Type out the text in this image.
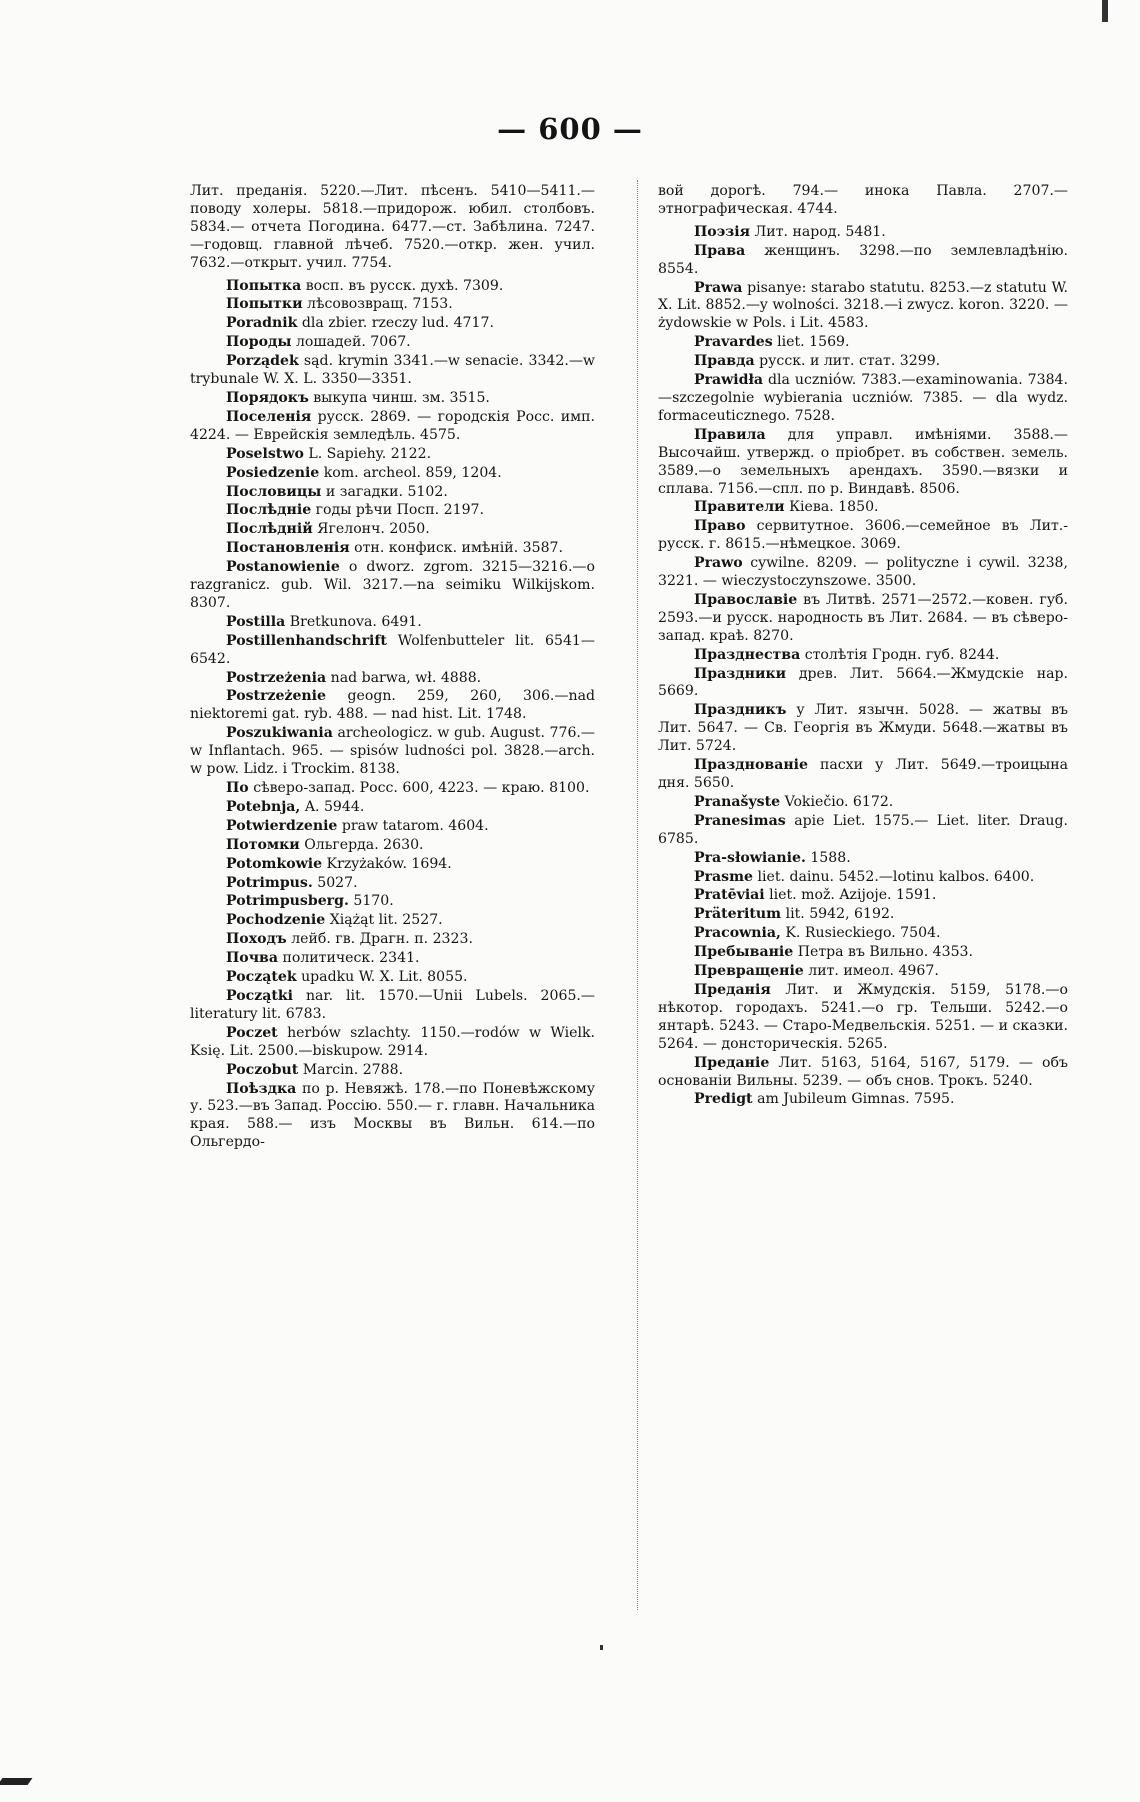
— 600 —

Лит. преданія. 5220.—Лит. пѣсенъ. 5410—5411.—поводу холеры. 5818.—придорож. юбил. столбовъ. 5834.— отчета Погодина. 6477.—ст. Забѣлина. 7247.—годовщ. главной лѣчеб. 7520.—откр. жен. учил. 7632.—открыт. учил. 7754.

Попытка восп. въ русск. духѣ. 7309.

Попытки лѣсовозвращ. 7153.

Poradnik dla zbier. rzeczy lud. 4717.

Породы лошадей. 7067.

Porządek sąd. krymin 3341.—w senacie. 3342.—w trybunale W. X. L. 3350—3351.

Порядокъ выкупа чинш. зм. 3515.

Поселенія русск. 2869. — городскія Росс. имп. 4224. — Еврейскія земледѣль. 4575.

Poselstwo L. Sapiehy. 2122.

Posiedzenie kom. archeol. 859, 1204.

Пословицы и загадки. 5102.

Послѣдніе годы рѣчи Посп. 2197.

Послѣдній Ягелонч. 2050.

Постановленія отн. конфиск. имѣній. 3587.

Postanowienie o dworz. zgrom. 3215—3216.—o razgranicz. gub. Wil. 3217.—na seimiku Wilkijskom. 8307.

Postilla Bretkunova. 6491.

Postillenhandschrift Wolfenbutteler lit. 6541—6542.

Postrzeżenia nad barwa, wł. 4888.

Postrzeżenie geogn. 259, 260, 306.—nad niektoremi gat. ryb. 488. — nad hist. Lit. 1748.

Poszukiwania archeologicz. w gub. August. 776.—w Inflantach. 965. — spisów ludności pol. 3828.—arch. w pow. Lidz. i Trockim. 8138.

По сѣверо-запад. Росс. 600, 4223. — краю. 8100.

Potebnja, A. 5944.

Potwierdzenie praw tatarom. 4604.

Потомки Ольгерда. 2630.

Potomkowie Krzyżaków. 1694.

Potrimpus. 5027.

Potrimpusberg. 5170.

Pochodzenie Xiążąt lit. 2527.

Походъ лейб. гв. Драгн. п. 2323.

Почва политическ. 2341.

Początek upadku W. X. Lit. 8055.

Początki nar. lit. 1570.—Unii Lubels. 2065.—literatury lit. 6783.

Poczet herbów szlachty. 1150.—rodów w Wielk. Księ. Lit. 2500.—biskupow. 2914.

Poczobut Marcin. 2788.

Поѣздка по р. Невяжѣ. 178.—по Поневѣжскому у. 523.—въ Запад. Россію. 550.— г. главн. Начальника края. 588.— изъ Москвы въ Вильн. 614.—по Ольгердо-

вой дорогѣ. 794.— инока Павла. 2707.— этнографическая. 4744.

Поэзія Лит. народ. 5481.

Права женщинъ. 3298.—по землевладѣнію. 8554.

Prawa pisanye: starabo statutu. 8253.—z statutu W. X. Lit. 8852.—y wolności. 3218.—i zwycz. koron. 3220. — żydowskie w Pols. i Lit. 4583.

Pravardes liet. 1569.

Правда русск. и лит. стат. 3299.

Prawidła dla uczniów. 7383.—examinowania. 7384.—szczegolnie wybierania uczniów. 7385. — dla wydz. formaceutiсznego. 7528.

Правила для управл. имѣніями. 3588.—Высочайш. утвержд. о пріобрет. въ собствен. земель. 3589.—о земельныхъ арендахъ. 3590.—вязки и сплава. 7156.—спл. по р. Виндавѣ. 8506.

Правители Кіева. 1850.

Право сервитутное. 3606.—семейное въ Лит.-русск. г. 8615.—нѣмецкое. 3069.

Prawo cywilne. 8209. — polityczne i cywil. 3238, 3221. — wieczystoczynszowe. 3500.

Православіе въ Литвѣ. 2571—2572.—ковен. губ. 2593.—и русск. народность въ Лит. 2684. — въ сѣверо-запад. краѣ. 8270.

Празднества столѣтія Гродн. губ. 8244.

Праздники древ. Лит. 5664.—Жмудскіе нар. 5669.

Праздникъ у Лит. язычн. 5028. — жатвы въ Лит. 5647. — Св. Георгія въ Жмуди. 5648.—жатвы въ Лит. 5724.

Празднованіе пасхи у Лит. 5649.—троицына дня. 5650.

Pranašyste Vokiečio. 6172.

Pranesimas apie Liet. 1575.— Liet. liter. Draug. 6785.

Pra-słowianie. 1588.

Prasme liet. dainu. 5452.—lotinu kalbos. 6400.

Pratēviai liet. mož. Azijoje. 1591.

Präteritum lit. 5942, 6192.

Pracownia, K. Rusieckiego. 7504.

Пребываніе Петра въ Вильно. 4353.

Превращеніе лит. имеол. 4967.

Преданія Лит. и Жмудскія. 5159, 5178.—о нѣкотор. городахъ. 5241.—о гр. Тельши. 5242.—о янтарѣ. 5243. — Старо-Медвельскія. 5251. — и сказки. 5264. — донсторическія. 5265.

Преданіе Лит. 5163, 5164, 5167, 5179. — объ основаніи Вильны. 5239. — объ снов. Трокъ. 5240.

Predigt am Jubileum Gimnas. 7595.
